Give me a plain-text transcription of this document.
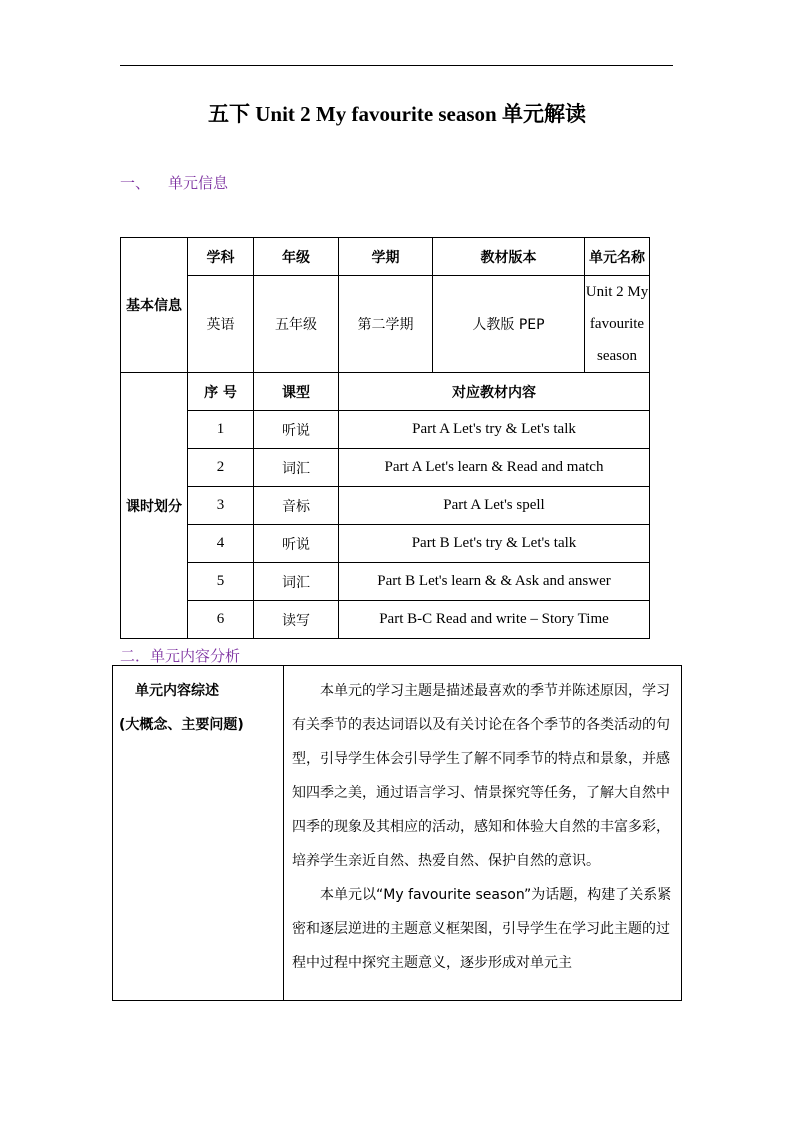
五下 Unit 2 My favourite season 单元解读
一、 单元信息
基本信息	学科	年级	学期	教材版本	单元名称
	英语	五年级	第二学期	人教版 PEP	Unit 2 My favourite season
课时划分	序 号	课型	对应教材内容		
	1	听说	Part A Let's try & Let's talk		
	2	词汇	Part A Let's learn & Read and match		
	3	音标	Part A Let's spell		
	4	听说	Part B Let's try & Let's talk		
	5	词汇	Part B Let's learn & & Ask and answer		
	6	读写	Part B-C Read and write – Story Time		
二．单元内容分析
单元内容综述
(大概念、主要问题)

本单元的学习主题是描述最喜欢的季节并陈述原因，学习有关季节的表达词语以及有关讨论在各个季节的各类活动的句型，引导学生体会引导学生了解不同季节的特点和景象，并感知四季之美，通过语言学习、情景探究等任务，了解大自然中四季的现象及其相应的活动，感知和体验大自然的丰富多彩，培养学生亲近自然、热爱自然、保护自然的意识。

本单元以“My favourite season”为话题，构建了关系紧密和逐层逆进的主题意义框架图，引导学生在学习此主题的过程中过程中探究主题意义，逐步形成对单元主
